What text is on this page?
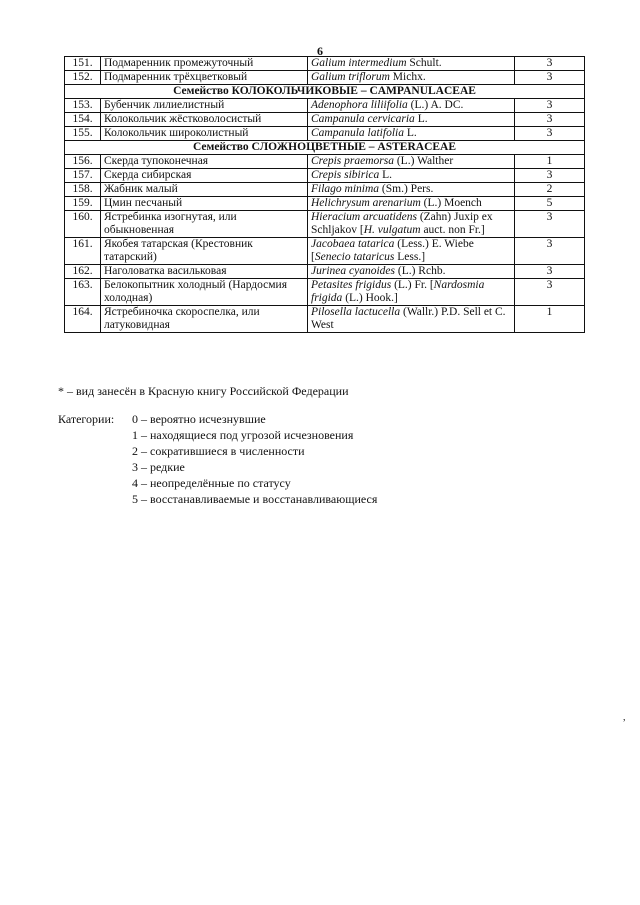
6
151.	Подмаренник промежуточный	Galium intermedium Schult.	3
152.	Подмаренник трёхцветковый	Galium triflorum Michx.	3
Семейство КОЛОКОЛЬЧИКОВЫЕ – CAMPANULACEAE			
153.	Бубенчик лилиелистный	Adenophora liliifolia (L.) A. DC.	3
154.	Колокольчик жёстковолосистый	Campanula cervicaria L.	3
155.	Колокольчик широколистный	Campanula latifolia L.	3
Семейство СЛОЖНОЦВЕТНЫЕ – ASTERACEAE			
156.	Скерда тупоконечная	Crepis praemorsa (L.) Walther	1
157.	Скерда сибирская	Crepis sibirica L.	3
158.	Жабник малый	Filago minima (Sm.) Pers.	2
159.	Цмин песчаный	Helichrysum arenarium (L.) Moench	5
160.	Ястребинка изогнутая, или обыкновенная	Hieracium arcuatidens (Zahn) Juxip ex Schljakov [H. vulgatum auct. non Fr.]	3
161.	Якобея татарская (Крестовник татарский)	Jacobaea tatarica (Less.) E. Wiebe [Senecio tataricus Less.]	3
162.	Наголоватка васильковая	Jurinea cyanoides (L.) Rchb.	3
163.	Белокопытник холодный (Нардосмия холодная)	Petasites frigidus (L.) Fr. [Nardosmia frigida (L.) Hook.]	3
164.	Ястребиночка скороспелка, или латуковидная	Pilosella lactucella (Wallr.) P.D. Sell et C. West	1
* – вид занесён в Красную книгу Российской Федерации
Категории:	0 – вероятно исчезнувшие
1 – находящиеся под угрозой исчезновения
2 – сократившиеся в численности
3 – редкие
4 – неопределённые по статусу
5 – восстанавливаемые и восстанавливающиеся
,
